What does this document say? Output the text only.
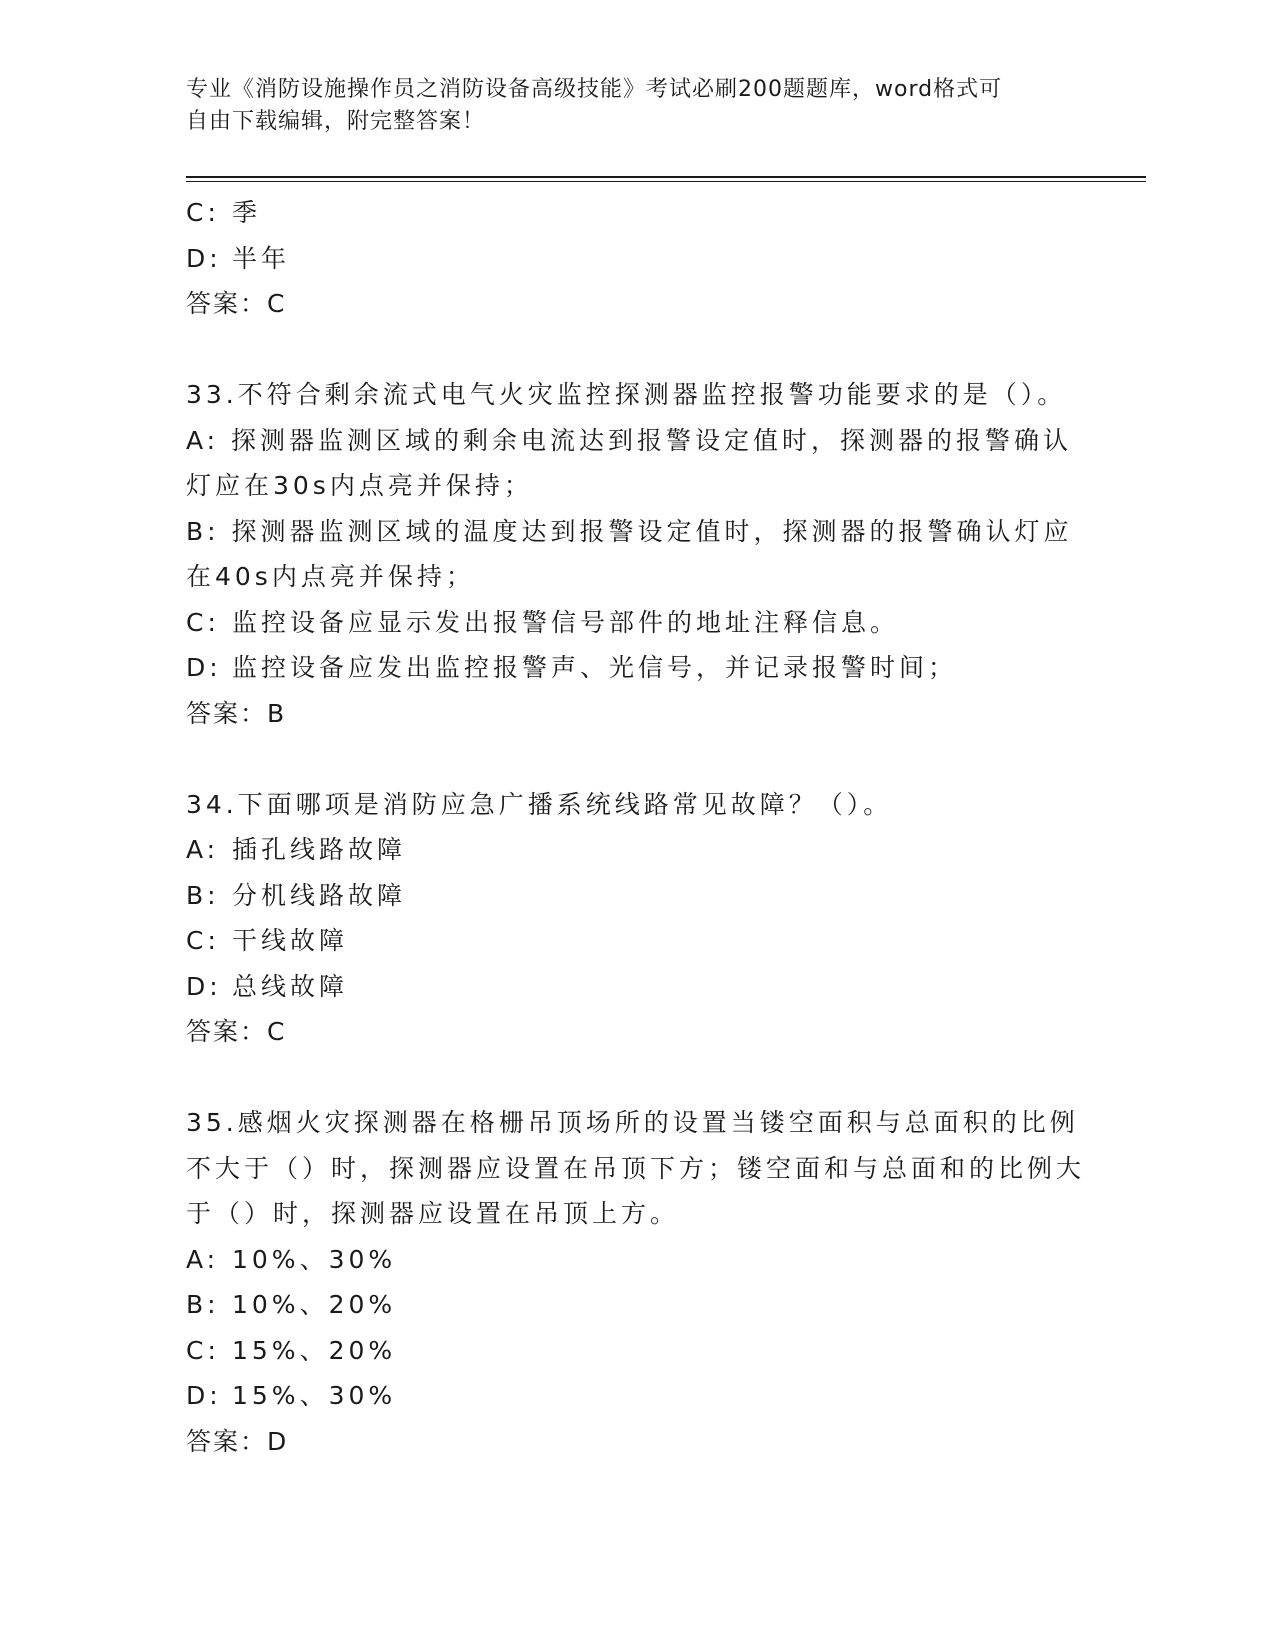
专业《消防设施操作员之消防设备高级技能》考试必刷200题题库，word格式可
自由下载编辑，附完整答案！
C: 季
D: 半年
答案：C
33.不符合剩余流式电气火灾监控探测器监控报警功能要求的是（）。
A: 探测器监测区域的剩余电流达到报警设定值时，探测器的报警确认灯应在30s内点亮并保持；
B: 探测器监测区域的温度达到报警设定值时，探测器的报警确认灯应在40s内点亮并保持；
C: 监控设备应显示发出报警信号部件的地址注释信息。
D: 监控设备应发出监控报警声、光信号，并记录报警时间；
答案：B
34.下面哪项是消防应急广播系统线路常见故障？（）。
A: 插孔线路故障
B: 分机线路故障
C: 干线故障
D: 总线故障
答案：C
35.感烟火灾探测器在格栅吊顶场所的设置当镂空面积与总面积的比例不大于（）时，探测器应设置在吊顶下方；镂空面和与总面和的比例大于（）时，探测器应设置在吊顶上方。
A: 10%、30%
B: 10%、20%
C: 15%、20%
D: 15%、30%
答案：D
